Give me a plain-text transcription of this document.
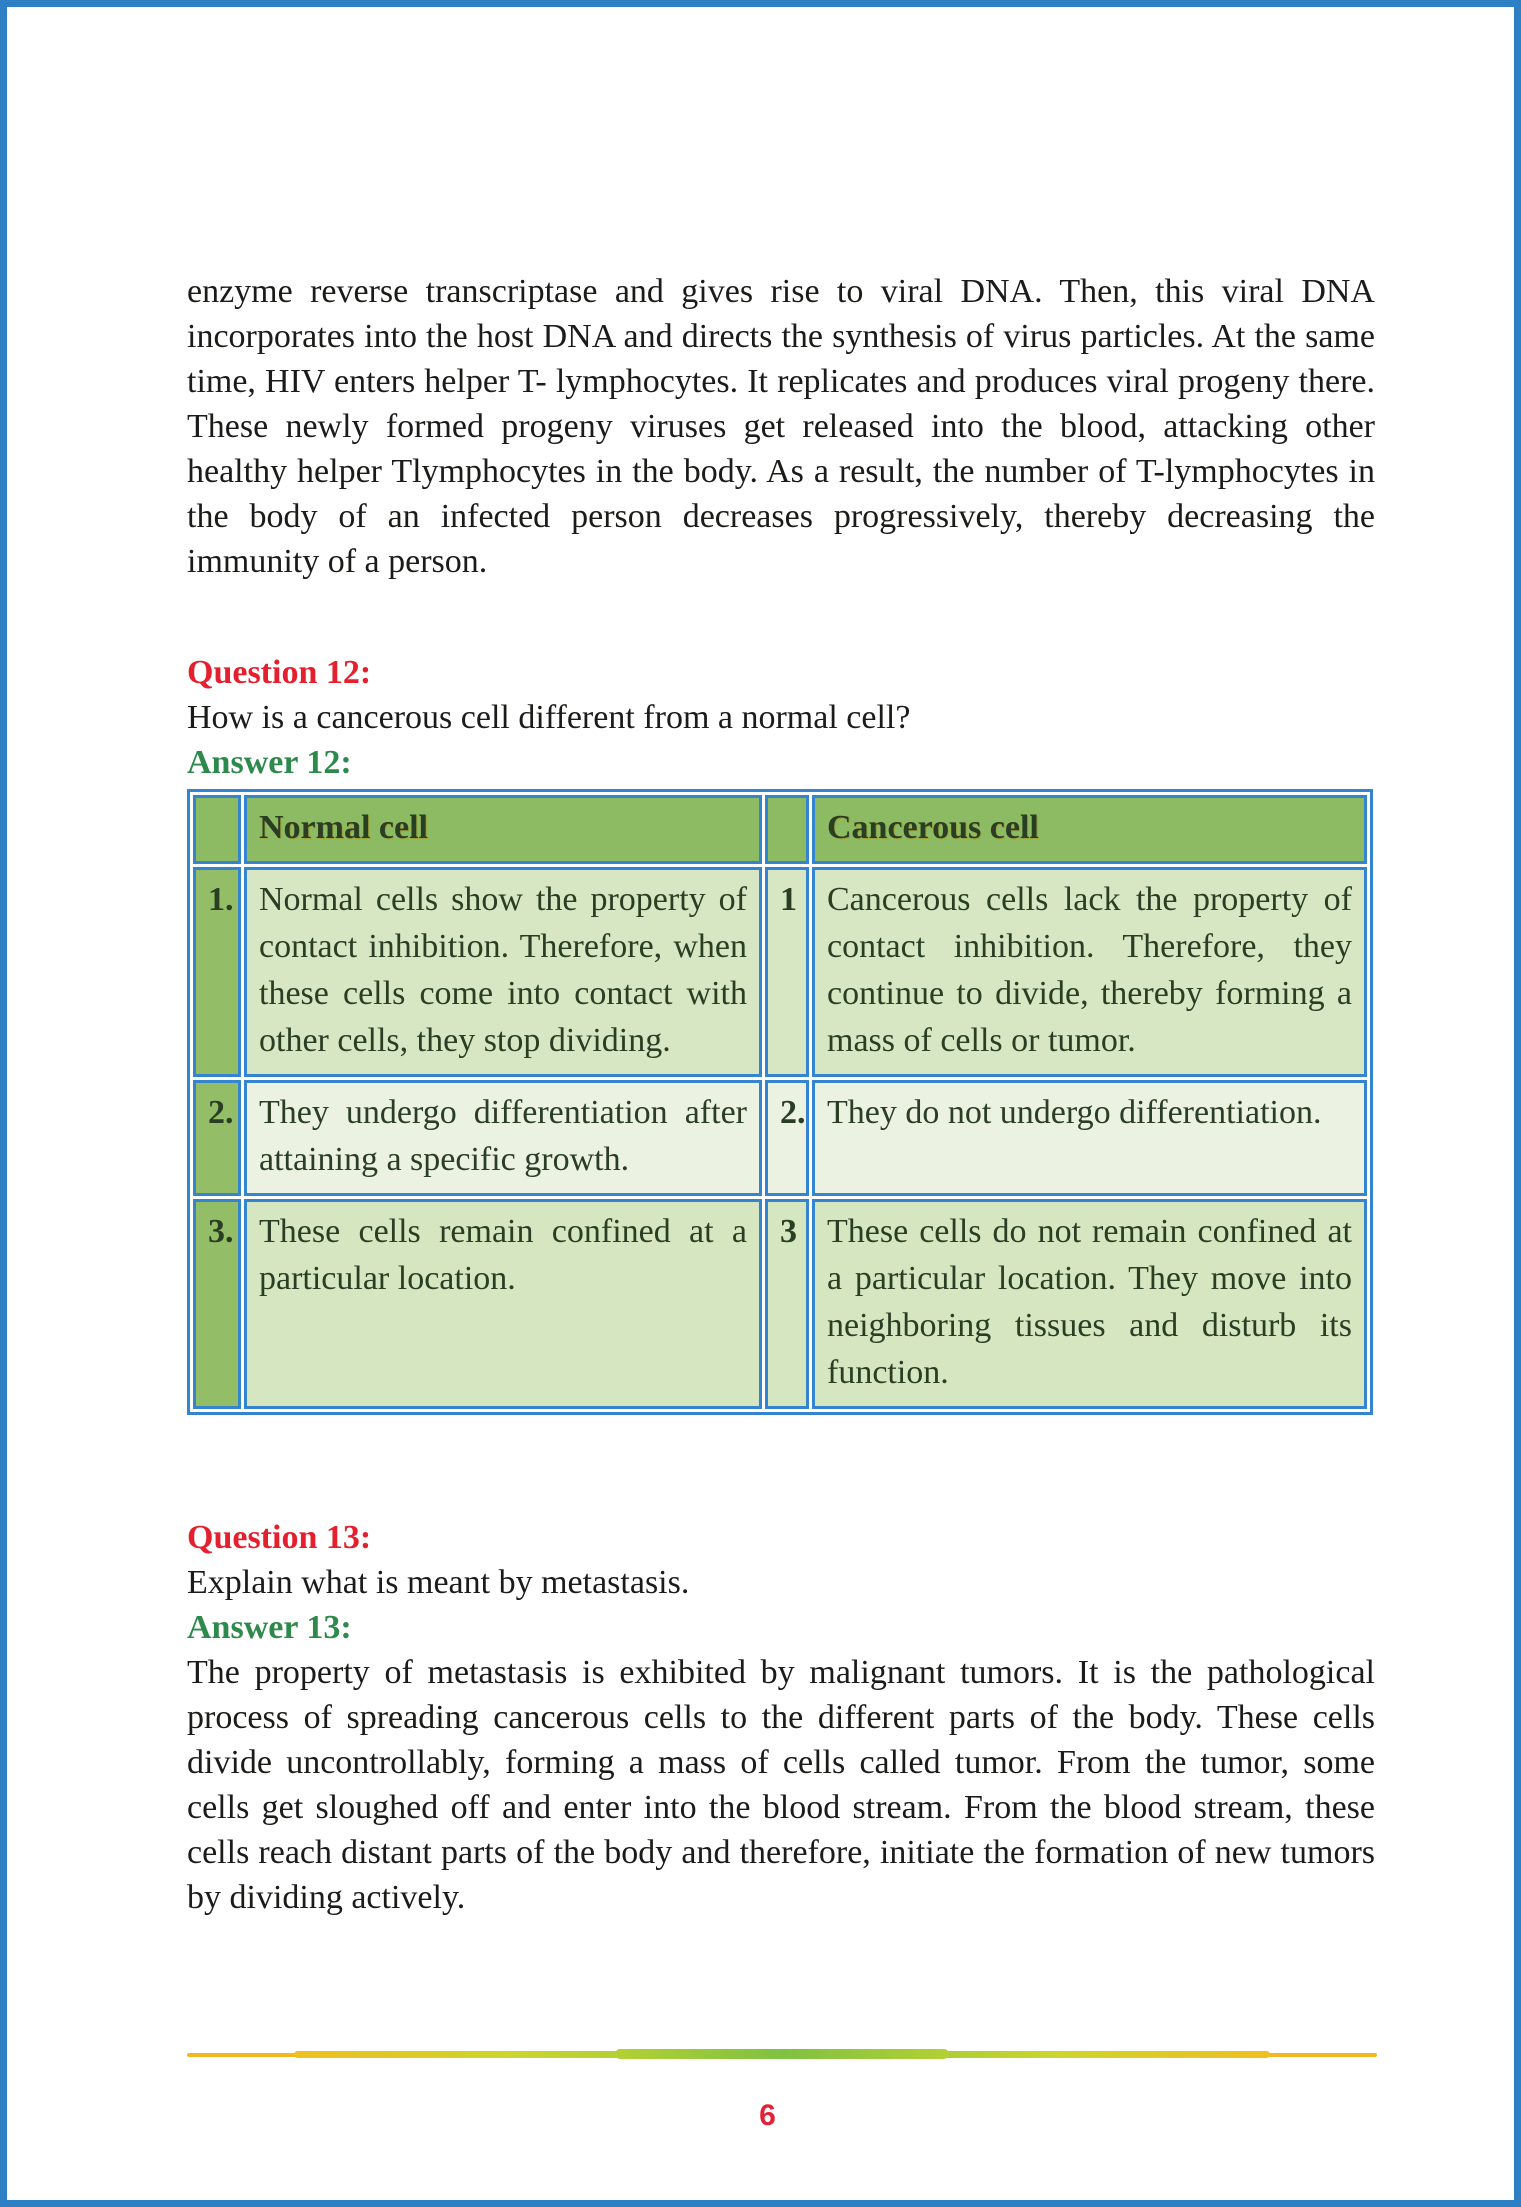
enzyme reverse transcriptase and gives rise to viral DNA. Then, this viral DNA incorporates into the host DNA and directs the synthesis of virus particles. At the same time, HIV enters helper T- lymphocytes. It replicates and produces viral progeny there. These newly formed progeny viruses get released into the blood, attacking other healthy helper Tlymphocytes in the body. As a result, the number of T-lymphocytes in the body of an infected person decreases progressively, thereby decreasing the immunity of a person.

Question 12:

How is a cancerous cell different from a normal cell?

Answer 12:

	Normal cell		Cancerous cell
1.	Normal cells show the property of contact inhibition. Therefore, when these cells come into contact with other cells, they stop dividing.	1	Cancerous cells lack the property of contact inhibition. Therefore, they continue to divide, thereby forming a mass of cells or tumor.
2.	They undergo differentiation after attaining a specific growth.	2.	They do not undergo differentiation.
3.	These cells remain confined at a particular location.	3	These cells do not remain confined at a particular location. They move into neighboring tissues and disturb its function.

Question 13:

Explain what is meant by metastasis.

Answer 13:

The property of metastasis is exhibited by malignant tumors. It is the pathological process of spreading cancerous cells to the different parts of the body. These cells divide uncontrollably, forming a mass of cells called tumor. From the tumor, some cells get sloughed off and enter into the blood stream. From the blood stream, these cells reach distant parts of the body and therefore, initiate the formation of new tumors by dividing actively.

6
